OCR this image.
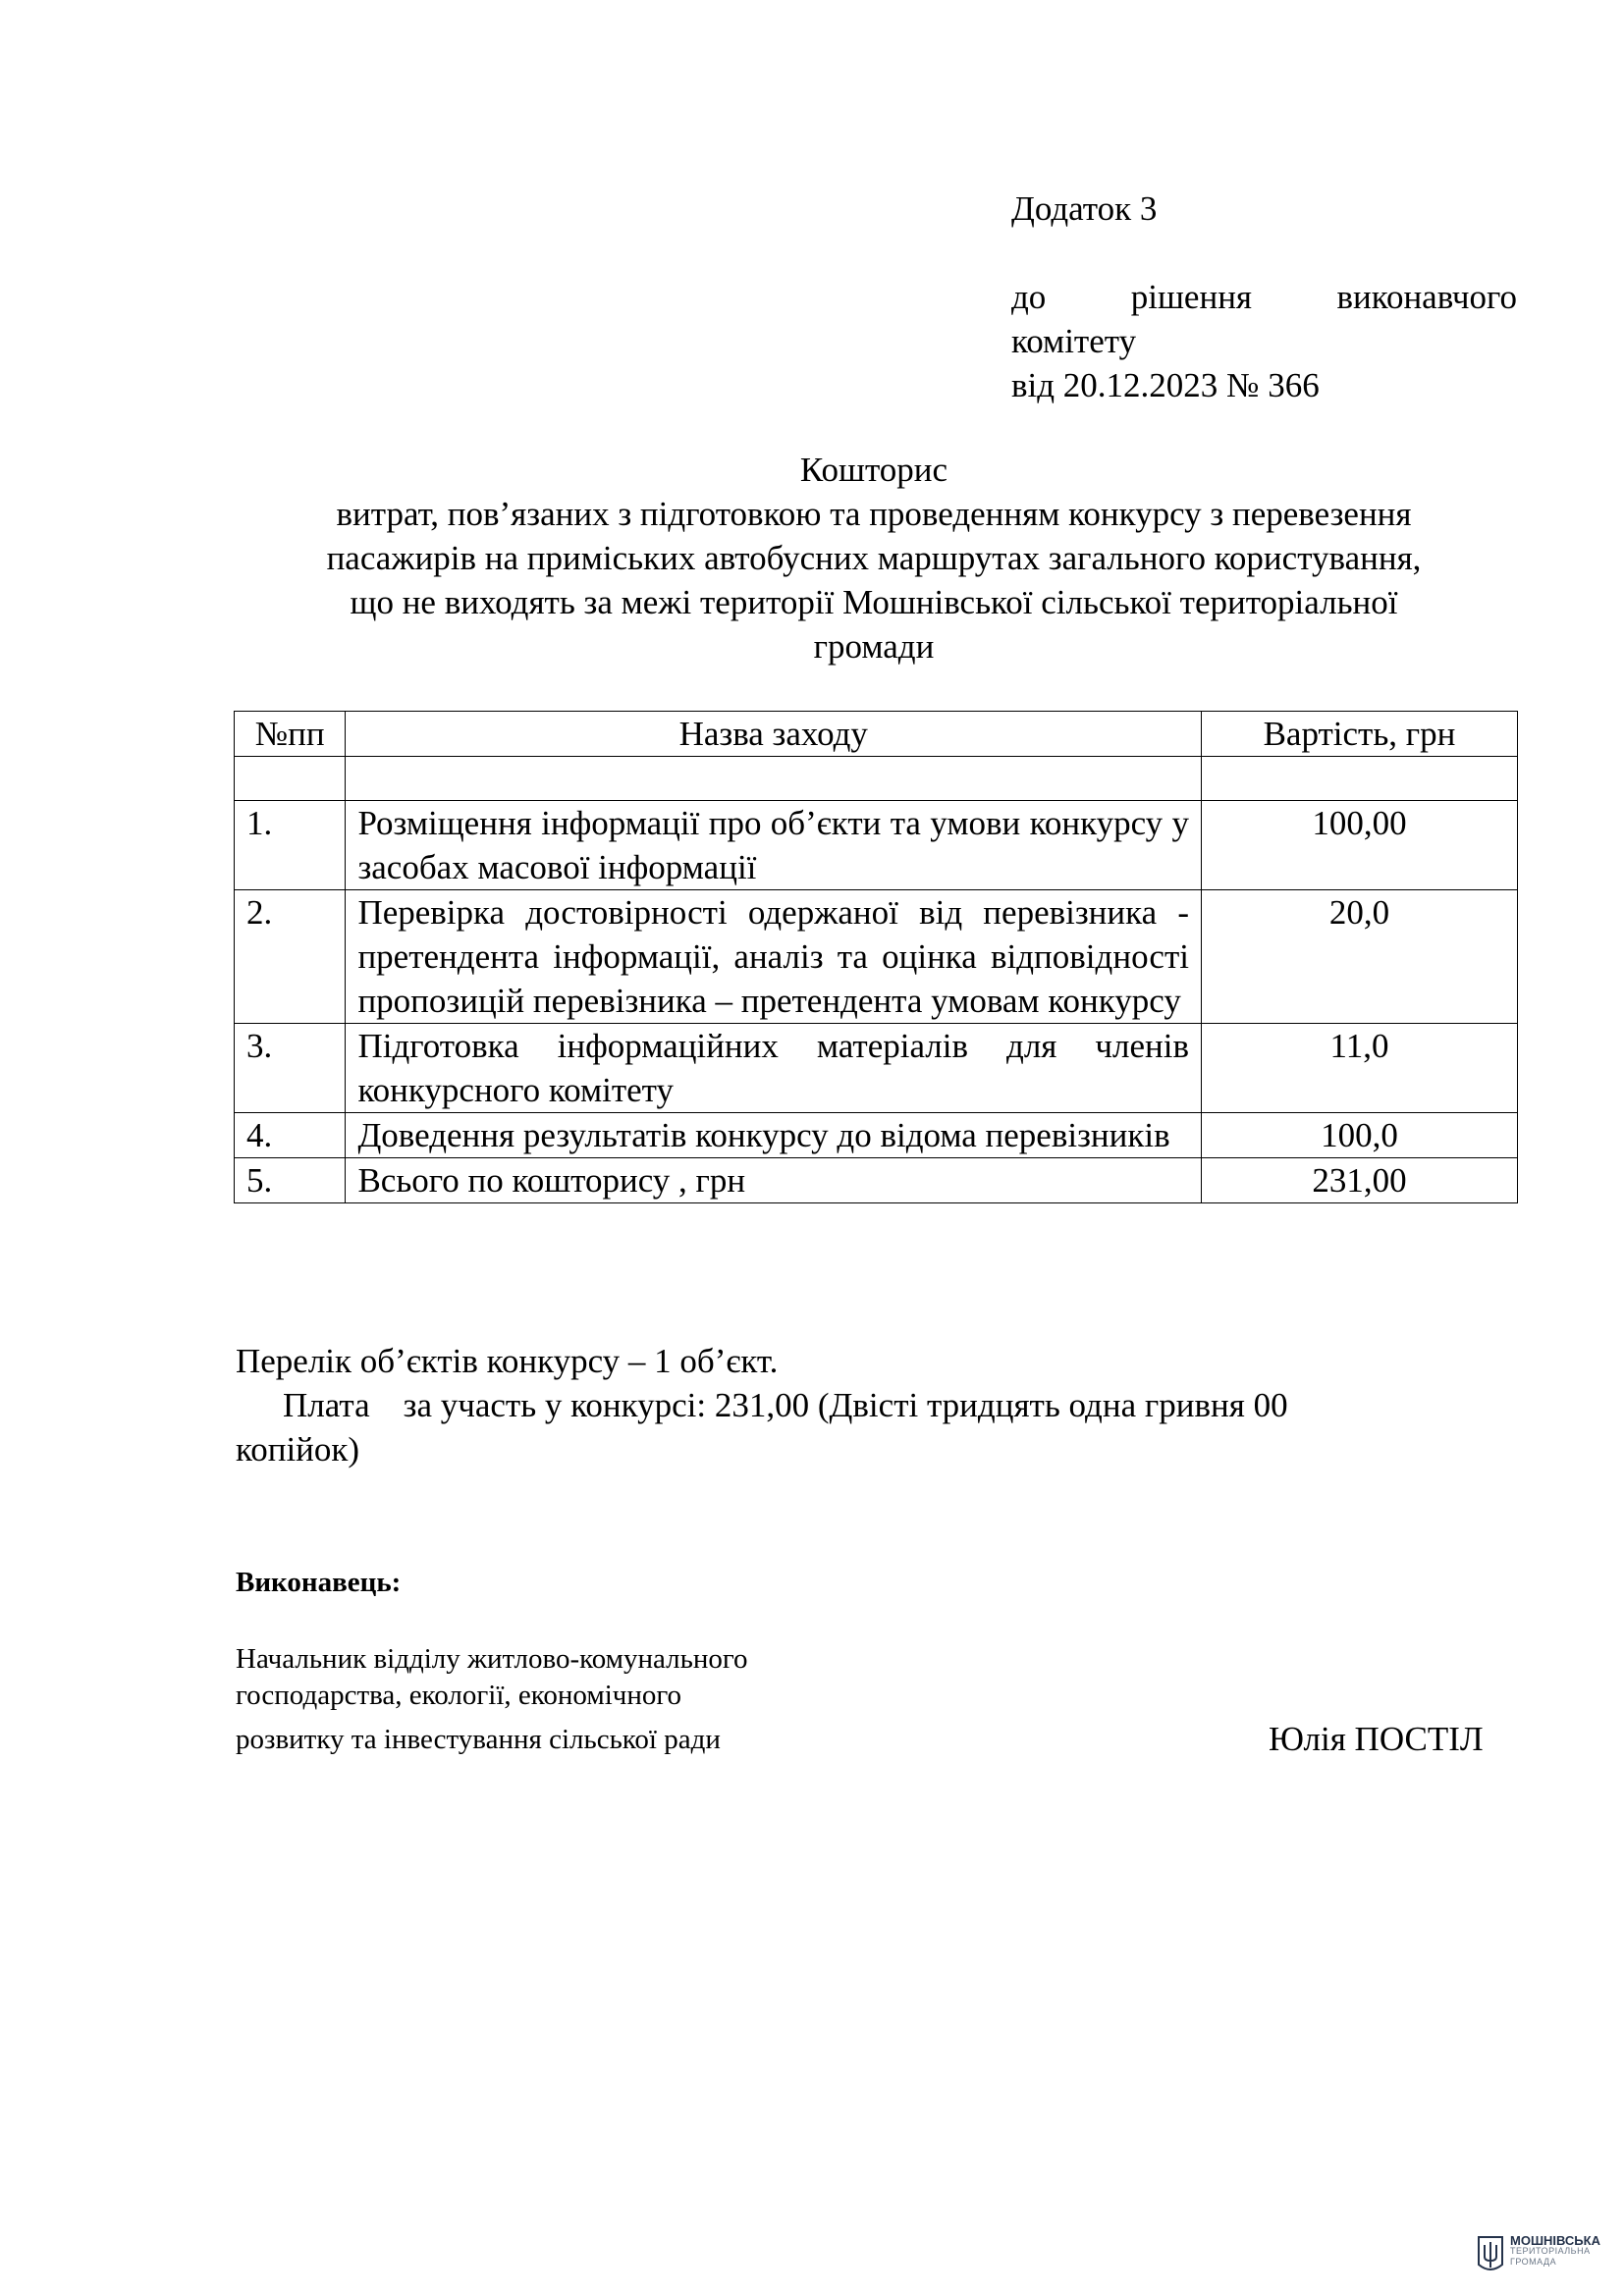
Додаток 3
до рішення виконавчого
комітету
від 20.12.2023 № 366
Кошторис
витрат, пов’язаних з підготовкою та проведенням конкурсу з перевезення
пасажирів на приміських автобусних маршрутах загального користування,
що не виходять за межі території Мошнівської сільської територіальної
громади
№пп	Назва заходу	Вартість, грн

1.	Розміщення інформації про об’єкти та умови конкурсу у засобах масової інформації	100,00
2.	Перевірка достовірності одержаної від перевізника - претендента інформації, аналіз та оцінка відповідності пропозицій перевізника – претендента умовам конкурсу	20,0
3.	Підготовка інформаційних матеріалів для членів конкурсного комітету	11,0
4.	Доведення результатів конкурсу до відома перевізників	100,0
5.	Всього по кошторису , грн	231,00
Перелік об’єктів конкурсу – 1 об’єкт.
Плата за участь у конкурсі: 231,00 (Двісті тридцять одна гривня 00
копійок)
Виконавець:
Начальник відділу житлово-комунального
господарства, екології, економічного
розвитку та інвестування сільської ради	Юлія ПОСТІЛ
МОШНІВСЬКА
ТЕРИТОРІАЛЬНА
ГРОМАДА
